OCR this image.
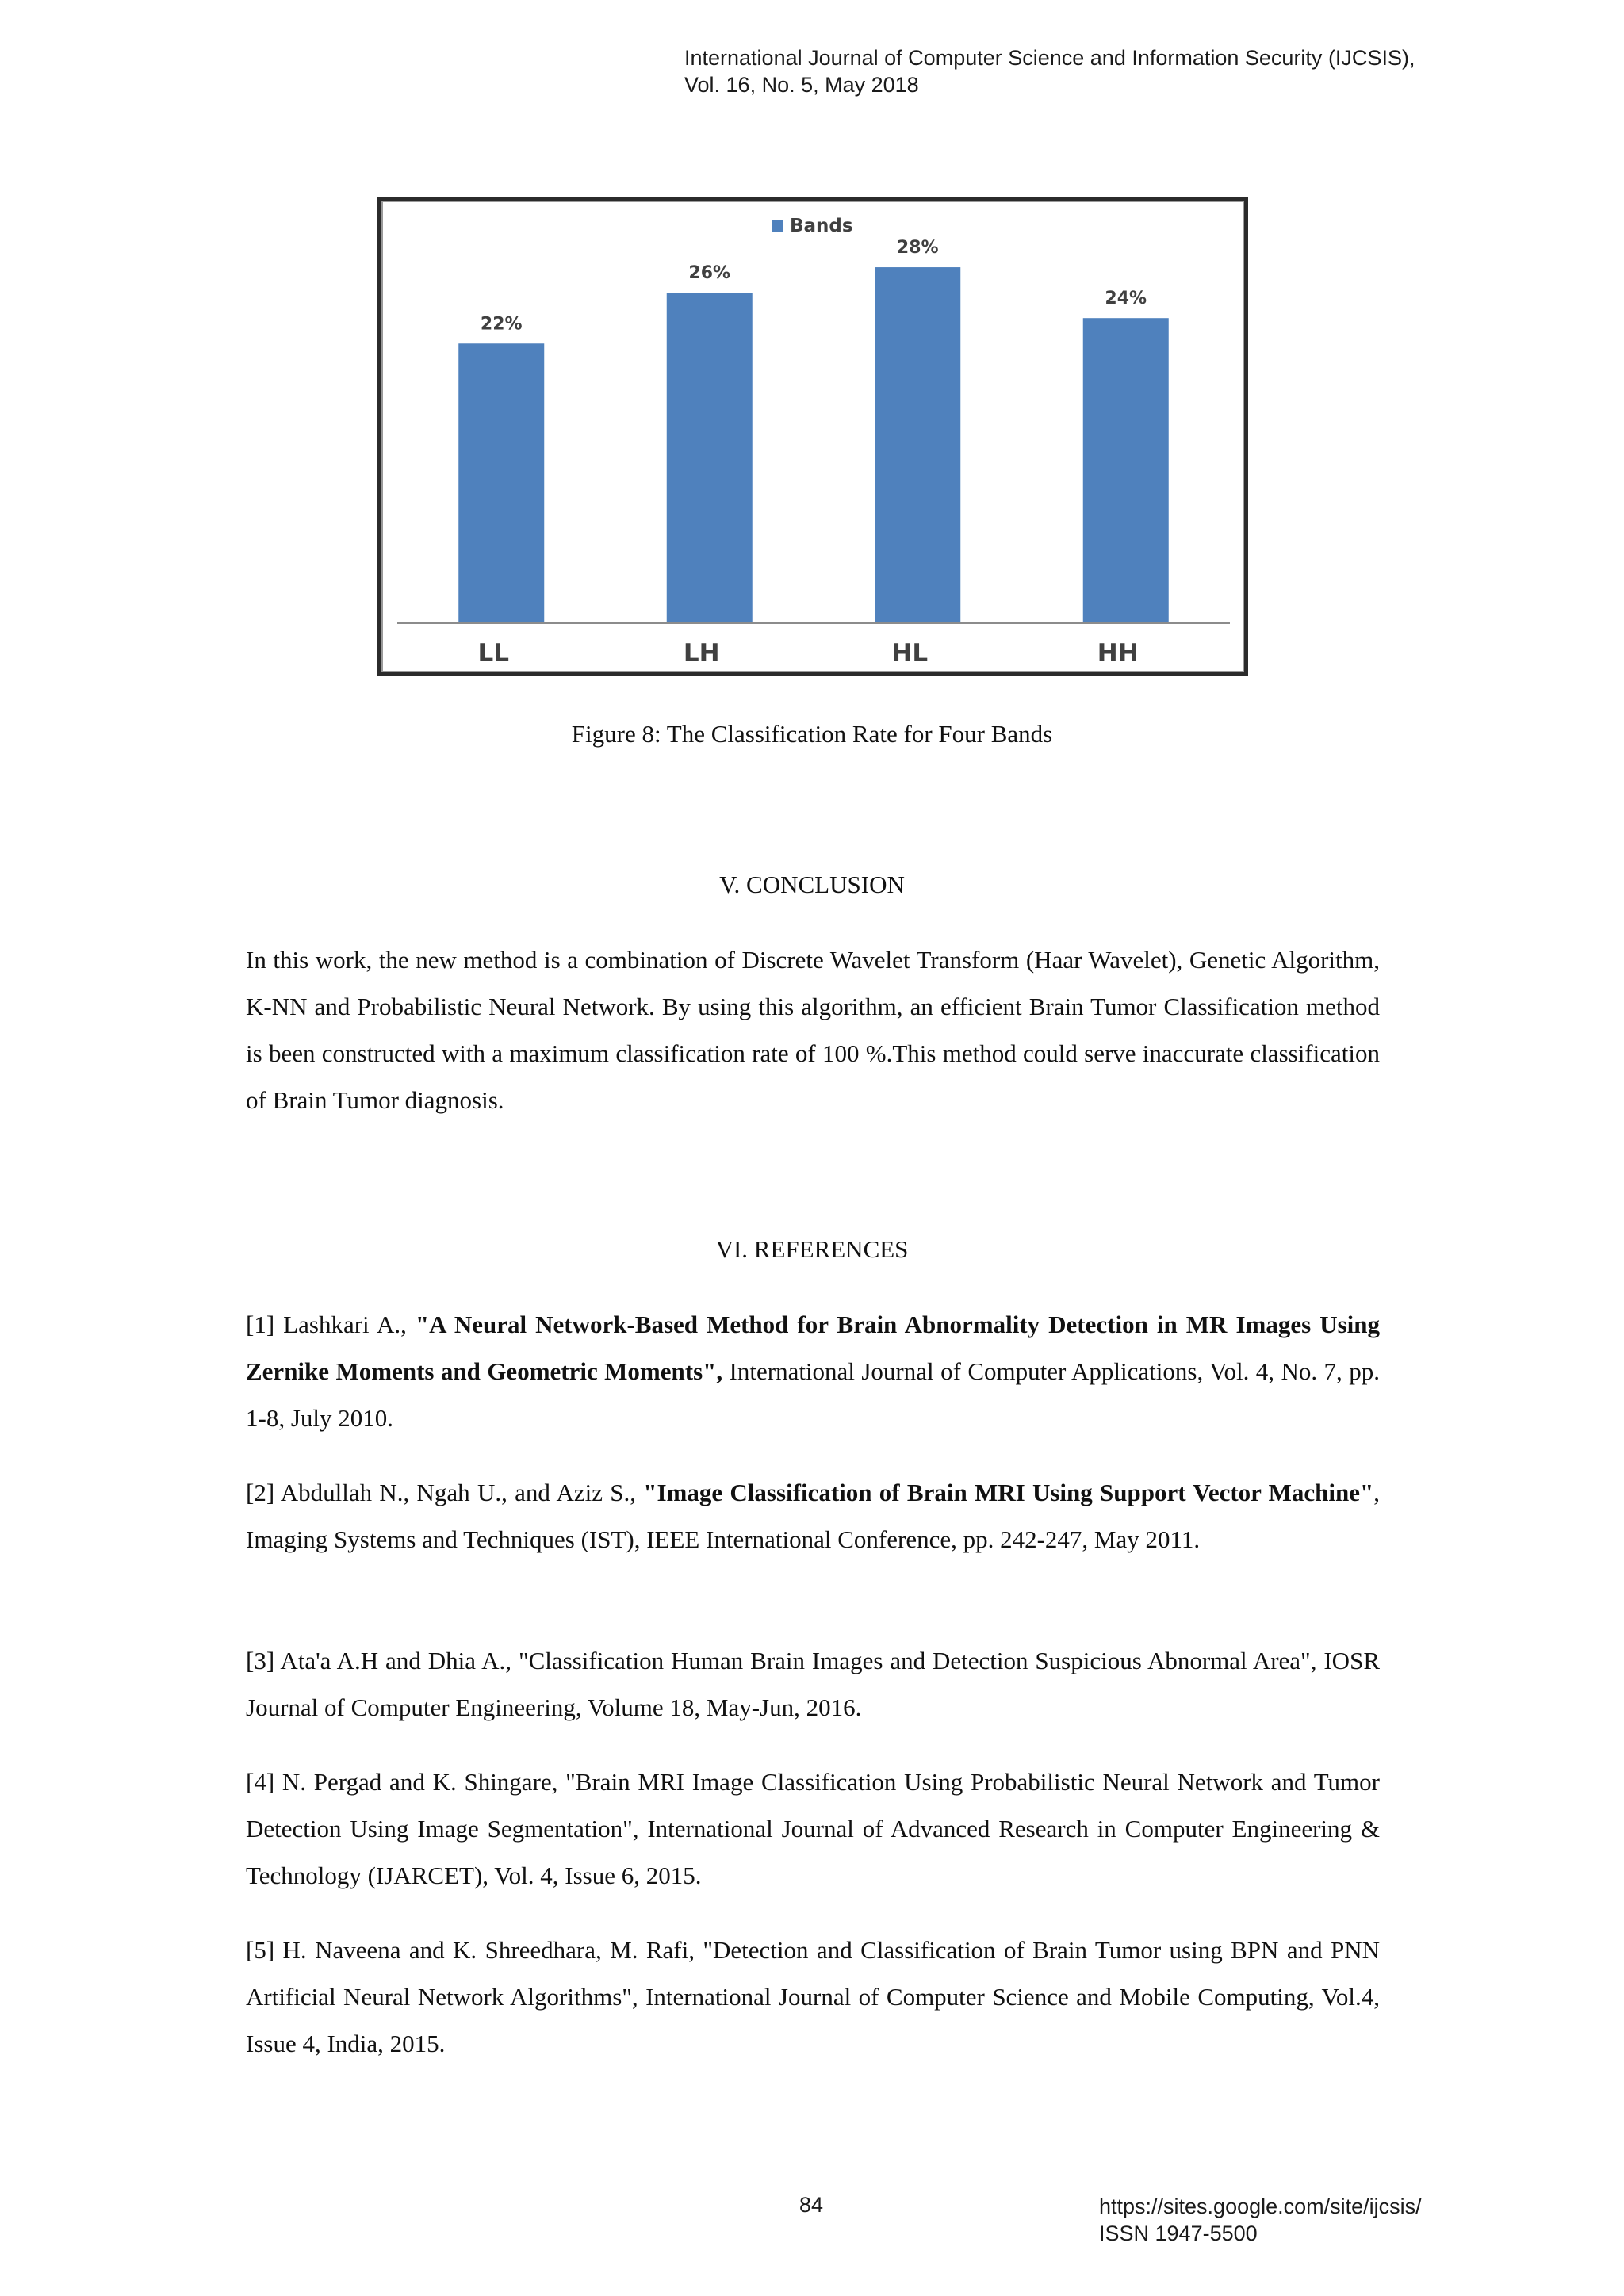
International Journal of Computer Science and Information Security (IJCSIS),
Vol. 16, No. 5, May 2018
Bands
22%
LL
26%
LH
28%
HL
24%
HH
Figure 8: The Classification Rate for Four Bands
V. CONCLUSION

In this work, the new method is a combination of Discrete Wavelet Transform (Haar Wavelet), Genetic Algorithm, K-NN and Probabilistic Neural Network. By using this algorithm, an efficient Brain Tumor Classification method is been constructed with a maximum classification rate of 100 %.This method could serve inaccurate classification of Brain Tumor diagnosis.

VI. REFERENCES

[1] Lashkari A., "A Neural Network-Based Method for Brain Abnormality Detection in MR Images Using Zernike Moments and Geometric Moments", International Journal of Computer Applications, Vol. 4, No. 7, pp. 1-8, July 2010.

[2] Abdullah N., Ngah U., and Aziz S., "Image Classification of Brain MRI Using Support Vector Machine", Imaging Systems and Techniques (IST), IEEE International Conference, pp. 242-247, May 2011.

[3] Ata'a A.H and Dhia A., "Classification Human Brain Images and Detection Suspicious Abnormal Area", IOSR Journal of Computer Engineering, Volume 18, May-Jun, 2016.

[4] N. Pergad and K. Shingare, "Brain MRI Image Classification Using Probabilistic Neural Network and Tumor Detection Using Image Segmentation", International Journal of Advanced Research in Computer Engineering & Technology (IJARCET), Vol. 4, Issue 6, 2015.

[5] H. Naveena and K. Shreedhara, M. Rafi, "Detection and Classification of Brain Tumor using BPN and PNN Artificial Neural Network Algorithms", International Journal of Computer Science and Mobile Computing, Vol.4, Issue 4, India, 2015.

84	https://sites.google.com/site/ijcsis/
ISSN 1947-5500
